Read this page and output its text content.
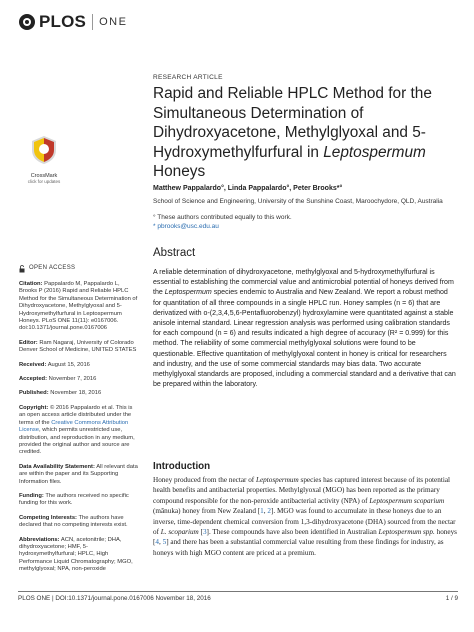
PLOS ONE
RESEARCH ARTICLE
Rapid and Reliable HPLC Method for the Simultaneous Determination of Dihydroxyacetone, Methylglyoxal and 5-Hydroxymethylfurfural in Leptospermum Honeys
CrossMark
click for updates
Matthew Pappalardo°, Linda Pappalardo°, Peter Brooks*°
School of Science and Engineering, University of the Sunshine Coast, Maroochydore, QLD, Australia
° These authors contributed equally to this work.
* pbrooks@usc.edu.au
OPEN ACCESS

Citation: Pappalardo M, Pappalardo L, Brooks P (2016) Rapid and Reliable HPLC Method for the Simultaneous Determination of Dihydroxyacetone, Methylglyoxal and 5-Hydroxymethylfurfural in Leptospermum Honeys. PLoS ONE 11(11): e0167006. doi:10.1371/journal.pone.0167006

Editor: Ram Nagaraj, University of Colorado Denver School of Medicine, UNITED STATES

Received: August 15, 2016

Accepted: November 7, 2016

Published: November 18, 2016

Copyright: © 2016 Pappalardo et al. This is an open access article distributed under the terms of the Creative Commons Attribution License, which permits unrestricted use, distribution, and reproduction in any medium, provided the original author and source are credited.

Data Availability Statement: All relevant data are within the paper and its Supporting Information files.

Funding: The authors received no specific funding for this work.

Competing Interests: The authors have declared that no competing interests exist.

Abbreviations: ACN, acetonitrile; DHA, dihydroxyacetone; HMF, 5-hydroxymethylfurfural; HPLC, High Performance Liquid Chromatography; MGO, methylglyoxal; NPA, non-peroxide

Abstract

A reliable determination of dihydroxyacetone, methylglyoxal and 5-hydroxymethylfurfural is essential to establishing the commercial value and antimicrobial potential of honeys derived from the Leptospermum species endemic to Australia and New Zealand. We report a robust method for quantitation of all three compounds in a single HPLC run. Honey samples (n = 6) that are derivatized with o-(2,3,4,5,6-Pentafluorobenzyl) hydroxylamine were quantitated against a stable anisole internal standard. Linear regression analysis was performed using calibration standards for each compound (n = 6) and results indicated a high degree of accuracy (R² = 0.999) for this method. The reliability of some commercial methylglyoxal solutions were found to be questionable. Effective quantitation of methylglyoxal content in honey is critical for researchers and industry, and the use of some commercial standards may bias data. Two accurate methylglyoxal standards are proposed, including a commercial standard and a derivative that can be prepared within the laboratory.

Introduction

Honey produced from the nectar of Leptospermum species has captured interest because of its potential health benefits and antibacterial properties. Methylglyoxal (MGO) has been reported as the primary compound responsible for the non-peroxide antibacterial activity (NPA) of Leptospermum scoparium (mānuka) honey from New Zealand [1, 2]. MGO was found to accumulate in these honeys due to an inverse, time-dependent chemical conversion from 1,3-dihydroxyacetone (DHA) sourced from the nectar of L. scoparium [3]. These compounds have also been identified in Australian Leptospermum spp. honeys [4, 5] and there has been a substantial commercial value resulting from these findings for industry, as honeys with high MGO content are priced at a premium.

PLOS ONE | DOI:10.1371/journal.pone.0167006 November 18, 2016	1 / 9
